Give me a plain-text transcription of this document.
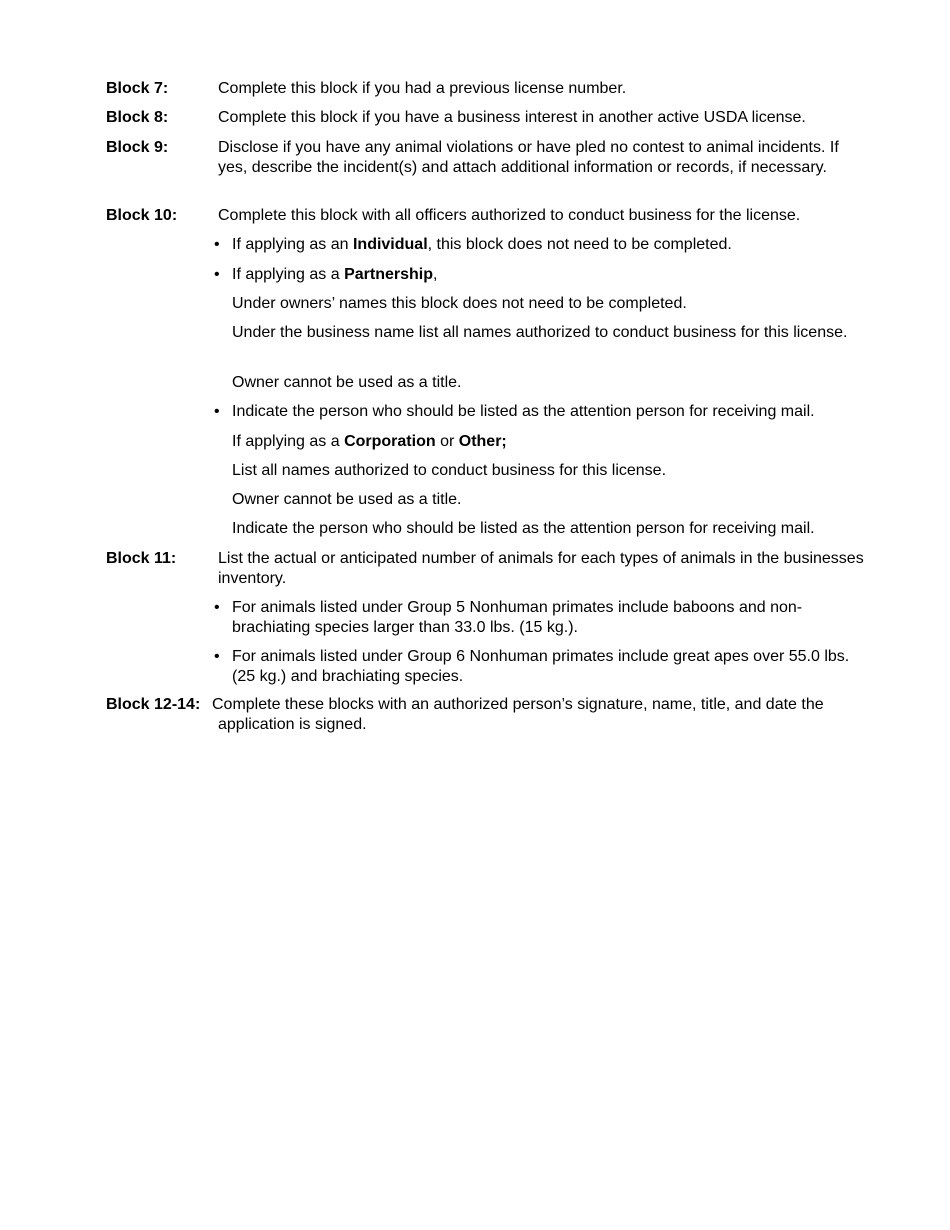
Block 7:	Complete this block if you had a previous license number.
Block 8:	Complete this block if you have a business interest in another active USDA license.
Block 9:	Disclose if you have any animal violations or have pled no contest to animal incidents. If yes, describe the incident(s) and attach additional information or records, if necessary.
Block 10:	Complete this block with all officers authorized to conduct business for the license.
• If applying as an Individual, this block does not need to be completed.
• If applying as a Partnership,
Under owners’ names this block does not need to be completed.
Under the business name list all names authorized to conduct business for this license.
Owner cannot be used as a title.
• Indicate the person who should be listed as the attention person for receiving mail.
If applying as a Corporation or Other;
List all names authorized to conduct business for this license.
Owner cannot be used as a title.
Indicate the person who should be listed as the attention person for receiving mail.
Block 11:	List the actual or anticipated number of animals for each types of animals in the businesses inventory.
• For animals listed under Group 5 Nonhuman primates include baboons and non-brachiating species larger than 33.0 lbs. (15 kg.).
• For animals listed under Group 6 Nonhuman primates include great apes over 55.0 lbs. (25 kg.) and brachiating species.
Block 12-14: Complete these blocks with an authorized person’s signature, name, title, and date the application is signed.
